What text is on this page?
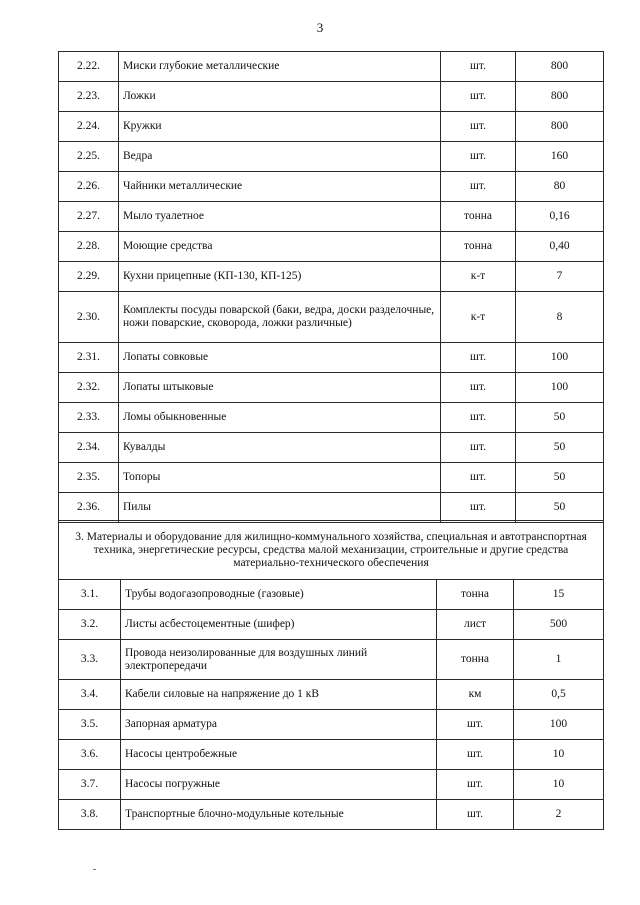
3
2.22.	Миски глубокие металлические	шт.	800
2.23.	Ложки	шт.	800
2.24.	Кружки	шт.	800
2.25.	Ведра	шт.	160
2.26.	Чайники металлические	шт.	80
2.27.	Мыло туалетное	тонна	0,16
2.28.	Моющие средства	тонна	0,40
2.29.	Кухни прицепные (КП-130, КП-125)	к-т	7
2.30.	Комплекты посуды поварской (баки, ведра, доски разделочные, ножи поварские, сковорода, ложки различные)	к-т	8
2.31.	Лопаты совковые	шт.	100
2.32.	Лопаты штыковые	шт.	100
2.33.	Ломы обыкновенные	шт.	50
2.34.	Кувалды	шт.	50
2.35.	Топоры	шт.	50
2.36.	Пилы	шт.	50
3. Материалы и оборудование для жилищно-коммунального хозяйства, специальная и автотранспортная техника, энергетические ресурсы, средства малой механизации, строительные и другие средства материально-технического обеспечения			
3.1.	Трубы водогазопроводные (газовые)	тонна	15
3.2.	Листы асбестоцементные (шифер)	лист	500
3.3.	Провода неизолированные для воздушных линий электропередачи	тонна	1
3.4.	Кабели силовые на напряжение до 1 кВ	км	0,5
3.5.	Запорная арматура	шт.	100
3.6.	Насосы центробежные	шт.	10
3.7.	Насосы погружные	шт.	10
3.8.	Транспортные блочно-модульные котельные	шт.	2
